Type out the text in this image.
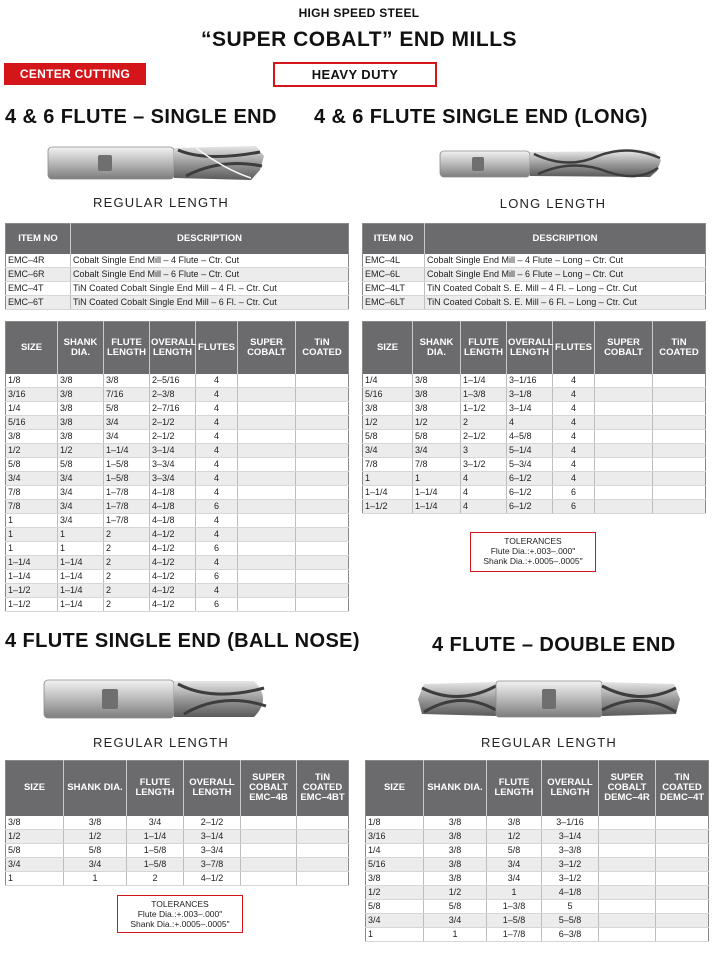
HIGH SPEED STEEL
“SUPER COBALT” END MILLS
CENTER CUTTING	HEAVY DUTY
4 & 6 FLUTE – SINGLE END 4 & 6 FLUTE SINGLE END (LONG)
4 FLUTE SINGLE END (BALL NOSE)	4 FLUTE – DOUBLE END
REGULAR LENGTH	LONG LENGTH
REGULAR LENGTH	REGULAR LENGTH
ITEM NO	DESCRIPTION
EMC–4R	Cobalt Single End Mill – 4 Flute – Ctr. Cut
EMC–6R	Cobalt Single End Mill – 6 Flute – Ctr. Cut
EMC–4T	TiN Coated Cobalt Single End Mill – 4 Fl. – Ctr. Cut
EMC–6T	TiN Coated Cobalt Single End Mill – 6 Fl. – Ctr. Cut
ITEM NO	DESCRIPTION
EMC–4L	Cobalt Single End Mill – 4 Flute – Long – Ctr. Cut
EMC–6L	Cobalt Single End Mill – 6 Flute – Long – Ctr. Cut
EMC–4LT	TiN Coated Cobalt S. E. Mill – 4 Fl. – Long – Ctr. Cut
EMC–6LT	TiN Coated Cobalt S. E. Mill – 6 Fl. – Long – Ctr. Cut
SIZE	SHANK DIA.	FLUTE LENGTH	OVERALL LENGTH	FLUTES	SUPER COBALT	TiN COATED
1/8	3/8	3/8	2–5/16	4		
3/16	3/8	7/16	2–3/8	4		
1/4	3/8	5/8	2–7/16	4		
5/16	3/8	3/4	2–1/2	4		
3/8	3/8	3/4	2–1/2	4		
1/2	1/2	1–1/4	3–1/4	4		
5/8	5/8	1–5/8	3–3/4	4		
3/4	3/4	1–5/8	3–3/4	4		
7/8	3/4	1–7/8	4–1/8	4		
7/8	3/4	1–7/8	4–1/8	6		
1	3/4	1–7/8	4–1/8	4		
1	1	2	4–1/2	4		
1	1	2	4–1/2	6		
1–1/4	1–1/4	2	4–1/2	4		
1–1/4	1–1/4	2	4–1/2	6		
1–1/2	1–1/4	2	4–1/2	4		
1–1/2	1–1/4	2	4–1/2	6		
SIZE	SHANK DIA.	FLUTE LENGTH	OVERALL LENGTH	FLUTES	SUPER COBALT	TiN COATED
1/4	3/8	1–1/4	3–1/16	4		
5/16	3/8	1–3/8	3–1/8	4		
3/8	3/8	1–1/2	3–1/4	4		
1/2	1/2	2	4	4		
5/8	5/8	2–1/2	4–5/8	4		
3/4	3/4	3	5–1/4	4		
7/8	7/8	3–1/2	5–3/4	4		
1	1	4	6–1/2	4		
1–1/4	1–1/4	4	6–1/2	6		
1–1/2	1–1/4	4	6–1/2	6		
TOLERANCES
Flute Dia.:+.003–.000"
Shank Dia.:+.0005–.0005"
SIZE	SHANK DIA.	FLUTE LENGTH	OVERALL LENGTH	SUPER COBALT EMC–4B	TiN COATED EMC–4BT
3/8	3/8	3/4	2–1/2		
1/2	1/2	1–1/4	3–1/4		
5/8	5/8	1–5/8	3–3/4		
3/4	3/4	1–5/8	3–7/8		
1	1	2	4–1/2		
TOLERANCES
Flute Dia.:+.003–.000"
Shank Dia.:+.0005–.0005"
SIZE	SHANK DIA.	FLUTE LENGTH	OVERALL LENGTH	SUPER COBALT DEMC–4R	TiN COATED DEMC–4T
1/8	3/8	3/8	3–1/16		
3/16	3/8	1/2	3–1/4		
1/4	3/8	5/8	3–3/8		
5/16	3/8	3/4	3–1/2		
3/8	3/8	3/4	3–1/2		
1/2	1/2	1	4–1/8		
5/8	5/8	1–3/8	5		
3/4	3/4	1–5/8	5–5/8		
1	1	1–7/8	6–3/8		
